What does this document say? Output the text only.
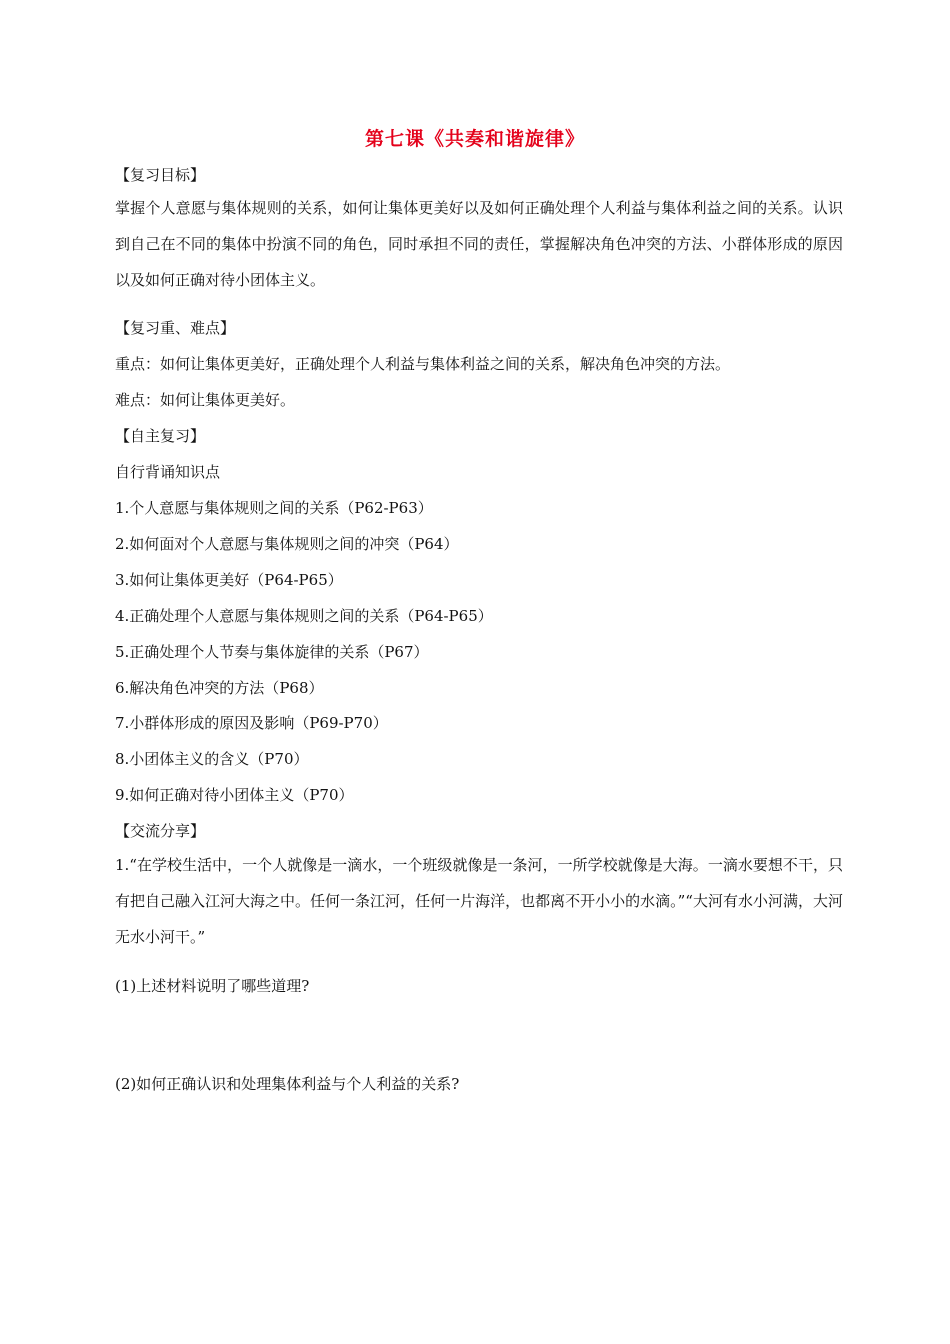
第七课《共奏和谐旋律》
【复习目标】
掌握个人意愿与集体规则的关系，如何让集体更美好以及如何正确处理个人利益与集体利益之间的关系。认识到自己在不同的集体中扮演不同的角色，同时承担不同的责任，掌握解决角色冲突的方法、小群体形成的原因以及如何正确对待小团体主义。
【复习重、难点】
重点：如何让集体更美好，正确处理个人利益与集体利益之间的关系，解决角色冲突的方法。
难点：如何让集体更美好。
【自主复习】
自行背诵知识点
1.个人意愿与集体规则之间的关系（P62-P63）
2.如何面对个人意愿与集体规则之间的冲突（P64）
3.如何让集体更美好（P64-P65）
4.正确处理个人意愿与集体规则之间的关系（P64-P65）
5.正确处理个人节奏与集体旋律的关系（P67）
6.解决角色冲突的方法（P68）
7.小群体形成的原因及影响（P69-P70）
8.小团体主义的含义（P70）
9.如何正确对待小团体主义（P70）
【交流分享】
1.“在学校生活中，一个人就像是一滴水，一个班级就像是一条河，一所学校就像是大海。一滴水要想不干，只有把自己融入江河大海之中。任何一条江河，任何一片海洋，也都离不开小小的水滴。”“大河有水小河满，大河无水小河干。”
(1)上述材料说明了哪些道理?
(2)如何正确认识和处理集体利益与个人利益的关系?
